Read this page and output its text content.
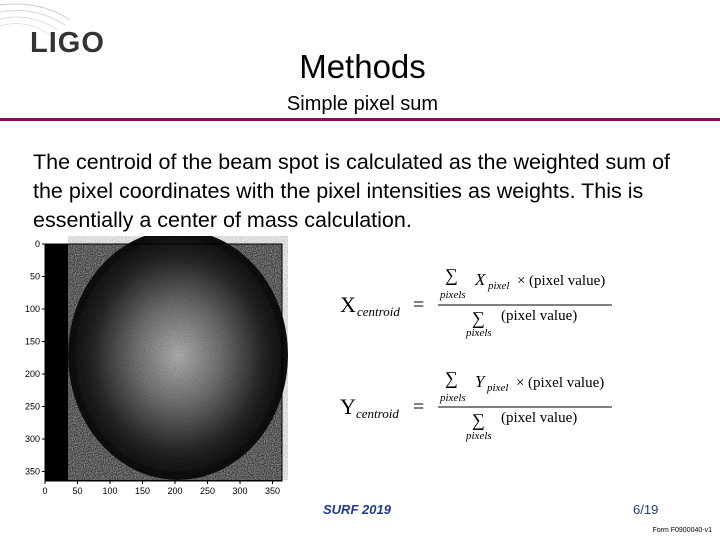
LIGO
Methods
Simple pixel sum
The centroid of the beam spot is calculated as the weighted sum of the pixel coordinates with the pixel intensities as weights. This is essentially a center of mass calculation.
0	50 100 150 200 250 300 350
0
50
100
150
200
250
300
350
X centroid =
∑
pixels
X pixel × (pixel value)
∑
pixels
(pixel value)
Y centroid =
∑
pixels
Y pixel × (pixel value)
∑
pixels
(pixel value)
SURF 2019	6/19
Form F0900040-v1
